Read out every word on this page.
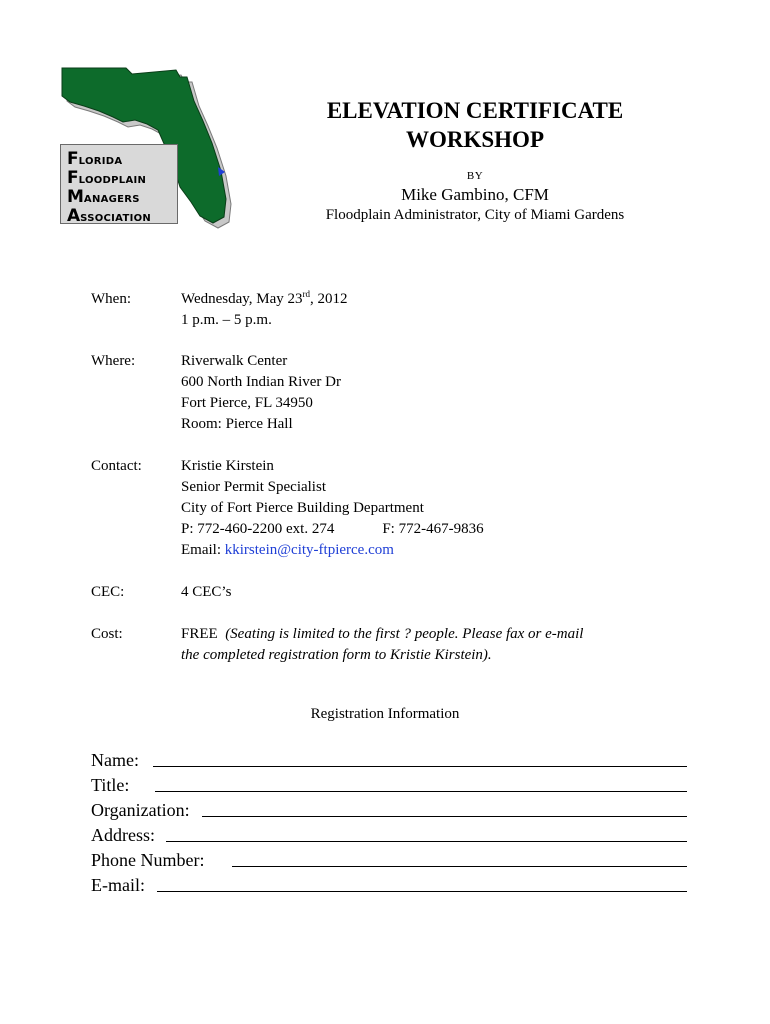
FLORIDA
FLOODPLAIN
MANAGERS
ASSOCIATION
ELEVATION CERTIFICATE
WORKSHOP
BY
Mike Gambino, CFM
Floodplain Administrator, City of Miami Gardens
When:	Wednesday, May 23rd, 2012
1 p.m. – 5 p.m.
Where:	Riverwalk Center
600 North Indian River Dr
Fort Pierce, FL 34950
Room: Pierce Hall
Contact:	Kristie Kirstein
Senior Permit Specialist
City of Fort Pierce Building Department
P: 772-460-2200 ext. 274	F: 772-467-9836
Email: kkirstein@city-ftpierce.com
CEC:	4 CEC’s
Cost:	FREE (Seating is limited to the first ? people. Please fax or e-mail
the completed registration form to Kristie Kirstein).
Registration Information
Name:
Title:
Organization:
Address:
Phone Number:
E-mail:
